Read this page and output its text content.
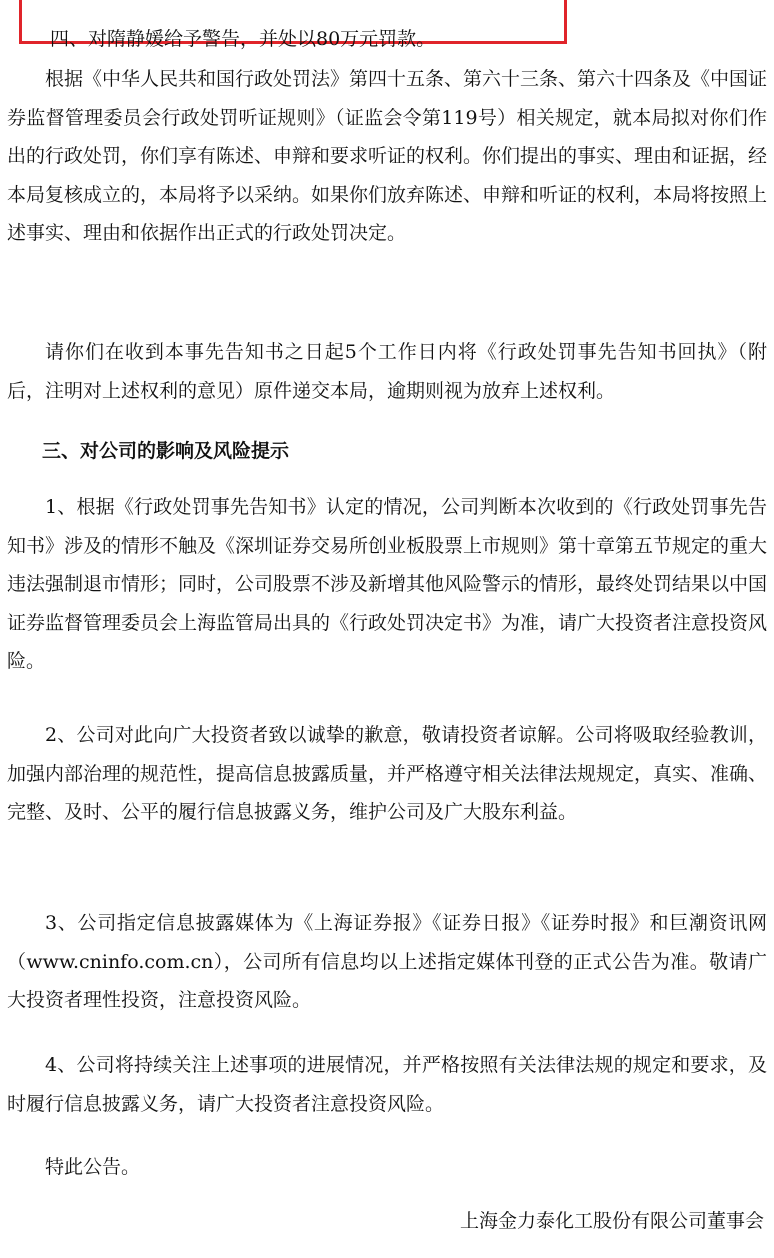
四、对隋静媛给予警告，并处以80万元罚款。

根据《中华人民共和国行政处罚法》第四十五条、第六十三条、第六十四条及《中国证券监督管理委员会行政处罚听证规则》（证监会令第119号）相关规定，就本局拟对你们作出的行政处罚，你们享有陈述、申辩和要求听证的权利。你们提出的事实、理由和证据，经本局复核成立的，本局将予以采纳。如果你们放弃陈述、申辩和听证的权利，本局将按照上述事实、理由和依据作出正式的行政处罚决定。

请你们在收到本事先告知书之日起5个工作日内将《行政处罚事先告知书回执》（附后，注明对上述权利的意见）原件递交本局，逾期则视为放弃上述权利。

三、对公司的影响及风险提示

1、根据《行政处罚事先告知书》认定的情况，公司判断本次收到的《行政处罚事先告知书》涉及的情形不触及《深圳证券交易所创业板股票上市规则》第十章第五节规定的重大违法强制退市情形；同时，公司股票不涉及新增其他风险警示的情形，最终处罚结果以中国证券监督管理委员会上海监管局出具的《行政处罚决定书》为准，请广大投资者注意投资风险。

2、公司对此向广大投资者致以诚挚的歉意，敬请投资者谅解。公司将吸取经验教训，加强内部治理的规范性，提高信息披露质量，并严格遵守相关法律法规规定，真实、准确、完整、及时、公平的履行信息披露义务，维护公司及广大股东利益。

3、公司指定信息披露媒体为《上海证券报》《证券日报》《证券时报》和巨潮资讯网（www.cninfo.com.cn），公司所有信息均以上述指定媒体刊登的正式公告为准。敬请广大投资者理性投资，注意投资风险。

4、公司将持续关注上述事项的进展情况，并严格按照有关法律法规的规定和要求，及时履行信息披露义务，请广大投资者注意投资风险。

特此公告。

上海金力泰化工股份有限公司董事会
